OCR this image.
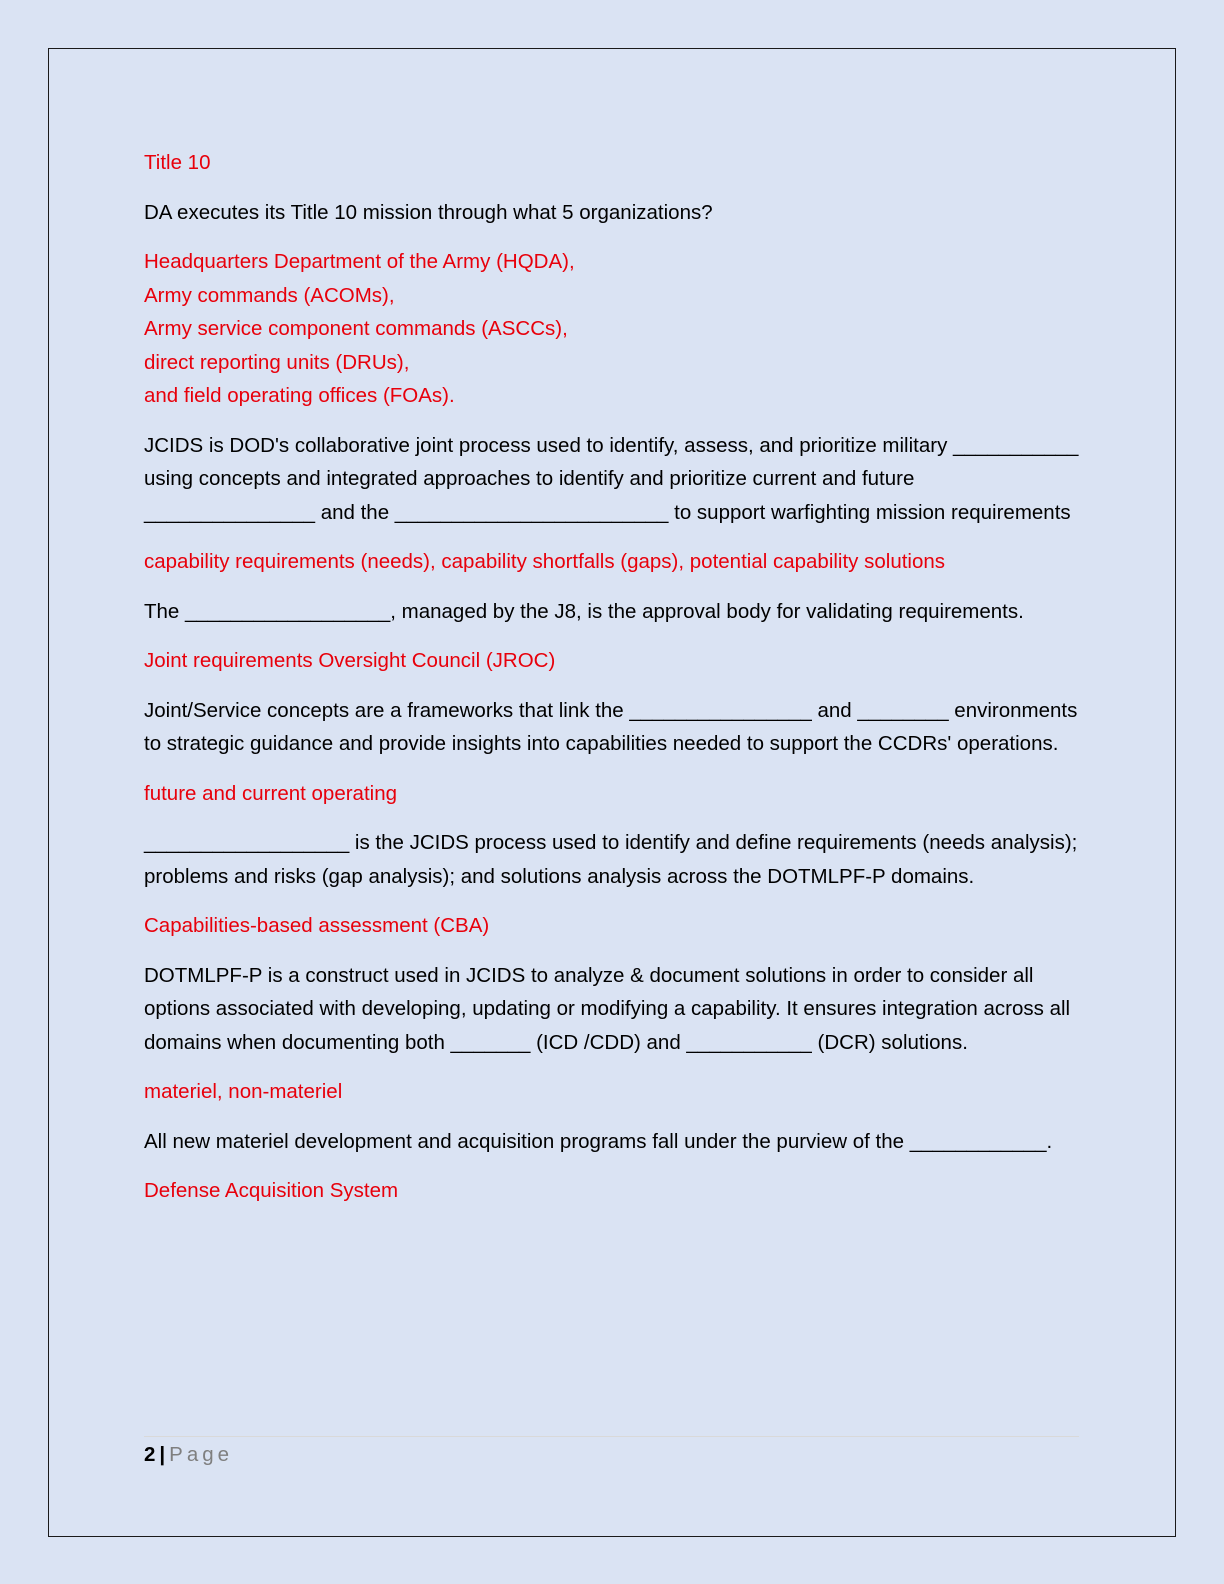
Title 10

DA executes its Title 10 mission through what 5 organizations?

Headquarters Department of the Army (HQDA),
Army commands (ACOMs),
Army service component commands (ASCCs),
direct reporting units (DRUs),
and field operating offices (FOAs).

JCIDS is DOD's collaborative joint process used to identify, assess, and prioritize military ___________ using concepts and integrated approaches to identify and prioritize current and future _______________ and the ________________________ to support warfighting mission requirements

capability requirements (needs), capability shortfalls (gaps), potential capability solutions

The __________________, managed by the J8, is the approval body for validating requirements.

Joint requirements Oversight Council (JROC)

Joint/Service concepts are a frameworks that link the ________________ and ________ environments to strategic guidance and provide insights into capabilities needed to support the CCDRs' operations.

future and current operating

__________________ is the JCIDS process used to identify and define requirements (needs analysis); problems and risks (gap analysis); and solutions analysis across the DOTMLPF-P domains.

Capabilities-based assessment (CBA)

DOTMLPF-P is a construct used in JCIDS to analyze & document solutions in order to consider all options associated with developing, updating or modifying a capability. It ensures integration across all domains when documenting both _______ (ICD /CDD) and ___________ (DCR) solutions.

materiel, non-materiel

All new materiel development and acquisition programs fall under the purview of the ____________.

Defense Acquisition System

2 | Page
